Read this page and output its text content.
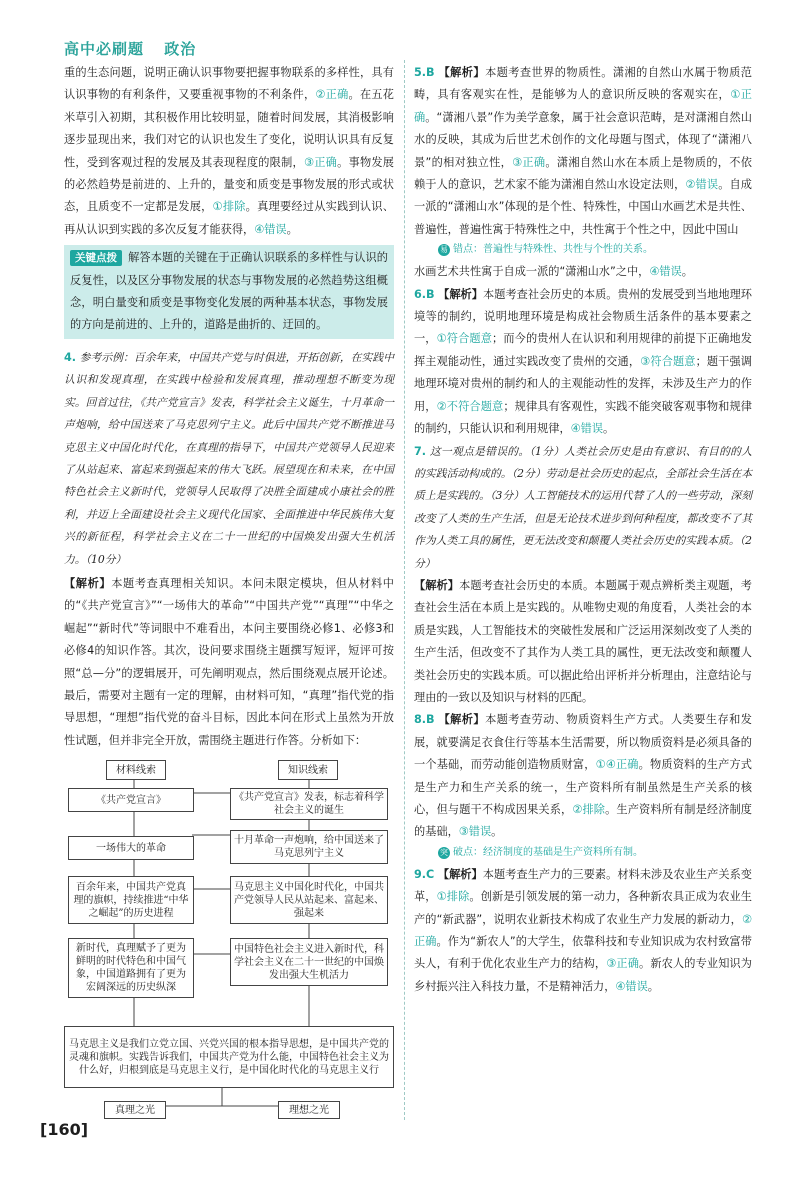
高中必刷题 政治

重的生态问题，说明正确认识事物要把握事物联系的多样性，具有认识事物的有利条件，又要重视事物的不利条件，②正确。在五花米草引入初期，其积极作用比较明显，随着时间发展，其消极影响逐步显现出来，我们对它的认识也发生了变化，说明认识具有反复性，受到客观过程的发展及其表现程度的限制，③正确。事物发展的必然趋势是前进的、上升的，量变和质变是事物发展的形式或状态，且质变不一定都是发展，①排除。真理要经过从实践到认识、再从认识到实践的多次反复才能获得，④错误。

关键点拨 解答本题的关键在于正确认识联系的多样性与认识的反复性，以及区分事物发展的状态与事物发展的必然趋势这组概念，明白量变和质变是事物变化发展的两种基本状态，事物发展的方向是前进的、上升的，道路是曲折的、迂回的。

4. 参考示例：百余年来，中国共产党与时俱进，开拓创新，在实践中认识和发现真理，在实践中检验和发展真理，推动理想不断变为现实。回首过往，《共产党宣言》发表，科学社会主义诞生，十月革命一声炮响，给中国送来了马克思列宁主义。此后中国共产党不断推进马克思主义中国化时代化，在真理的指导下，中国共产党领导人民迎来了从站起来、富起来到强起来的伟大飞跃。展望现在和未来，在中国特色社会主义新时代，党领导人民取得了决胜全面建成小康社会的胜利，并迈上全面建设社会主义现代化国家、全面推进中华民族伟大复兴的新征程，科学社会主义在二十一世纪的中国焕发出强大生机活力。（10分）

【解析】本题考查真理相关知识。本问未限定模块，但从材料中的“《共产党宣言》”“一场伟大的革命”“中国共产党”“真理”“中华之崛起”“新时代”等词眼中不难看出，本问主要围绕必修1、必修3和必修4的知识作答。其次，设问要求围绕主题撰写短评，短评可按照“总—分”的逻辑展开，可先阐明观点，然后围绕观点展开论述。最后，需要对主题有一定的理解，由材料可知，“真理”指代党的指导思想，“理想”指代党的奋斗目标，因此本问在形式上虽然为开放性试题，但并非完全开放，需围绕主题进行作答。分析如下：

材料线索	知识线索
《共产党宣言》	《共产党宣言》发表，标志着科学社会主义的诞生
一场伟大的革命
十月革命一声炮响，给中国送来了马克思列宁主义
百余年来，中国共产党真理的旗帜，持续推进“中华之崛起”的历史进程
马克思主义中国化时代化，中国共产党领导人民从站起来、富起来、强起来
新时代，真理赋予了更为鲜明的时代特色和中国气象，中国道路拥有了更为宏阔深远的历史纵深
中国特色社会主义进入新时代，科学社会主义在二十一世纪的中国焕发出强大生机活力
马克思主义是我们立党立国、兴党兴国的根本指导思想，是中国共产党的灵魂和旗帜。实践告诉我们，中国共产党为什么能，中国特色社会主义为什么好，归根到底是马克思主义行，是中国化时代化的马克思主义行
真理之光	理想之光

5.B 【解析】本题考查世界的物质性。潇湘的自然山水属于物质范畴，具有客观实在性，是能够为人的意识所反映的客观实在，①正确。“潇湘八景”作为美学意象，属于社会意识范畴，是对潇湘自然山水的反映，其成为后世艺术创作的文化母题与图式，体现了“潇湘八景”的相对独立性，③正确。潇湘自然山水在本质上是物质的，不依赖于人的意识，艺术家不能为潇湘自然山水设定法则，②错误。自成一派的“潇湘山水”体现的是个性、特殊性，中国山水画艺术是共性、普遍性，普遍性寓于特殊性之中，共性寓于个性之中，因此中国山

易 错点：普遍性与特殊性、共性与个性的关系。

水画艺术共性寓于自成一派的“潇湘山水”之中，④错误。

6.B 【解析】本题考查社会历史的本质。贵州的发展受到当地地理环境等的制约，说明地理环境是构成社会物质生活条件的基本要素之一，①符合题意；而今的贵州人在认识和利用规律的前提下正确地发挥主观能动性，通过实践改变了贵州的交通，③符合题意；题干强调地理环境对贵州的制约和人的主观能动性的发挥，未涉及生产力的作用，②不符合题意；规律具有客观性，实践不能突破客观事物和规律的制约，只能认识和利用规律，④错误。

7. 这一观点是错误的。（1分）人类社会历史是由有意识、有目的的人的实践活动构成的。（2分）劳动是社会历史的起点，全部社会生活在本质上是实践的。（3分）人工智能技术的运用代替了人的一些劳动，深刻改变了人类的生产生活，但是无论技术进步到何种程度，都改变不了其作为人类工具的属性，更无法改变和颠覆人类社会历史的实践本质。（2分）

【解析】本题考查社会历史的本质。本题属于观点辨析类主观题，考查社会生活在本质上是实践的。从唯物史观的角度看，人类社会的本质是实践，人工智能技术的突破性发展和广泛运用深刻改变了人类的生产生活，但改变不了其作为人类工具的属性，更无法改变和颠覆人类社会历史的实践本质。可以据此给出评析并分析理由，注意结论与理由的一致以及知识与材料的匹配。

8.B 【解析】本题考查劳动、物质资料生产方式。人类要生存和发展，就要满足衣食住行等基本生活需要，所以物质资料是必须具备的一个基础，而劳动能创造物质财富，①④正确。物质资料的生产方式是生产力和生产关系的统一，生产资料所有制虽然是生产关系的核心，但与题干不构成因果关系，②排除。生产资料所有制是经济制度的基础，③错误。

突 破点：经济制度的基础是生产资料所有制。

9.C 【解析】本题考查生产力的三要素。材料未涉及农业生产关系变革，①排除。创新是引领发展的第一动力，各种新农具正成为农业生产的“新武器”，说明农业新技术构成了农业生产力发展的新动力，②正确。作为“新农人”的大学生，依靠科技和专业知识成为农村致富带头人，有利于优化农业生产力的结构，③正确。新农人的专业知识为乡村振兴注入科技力量，不是精神活力，④错误。

[160]
